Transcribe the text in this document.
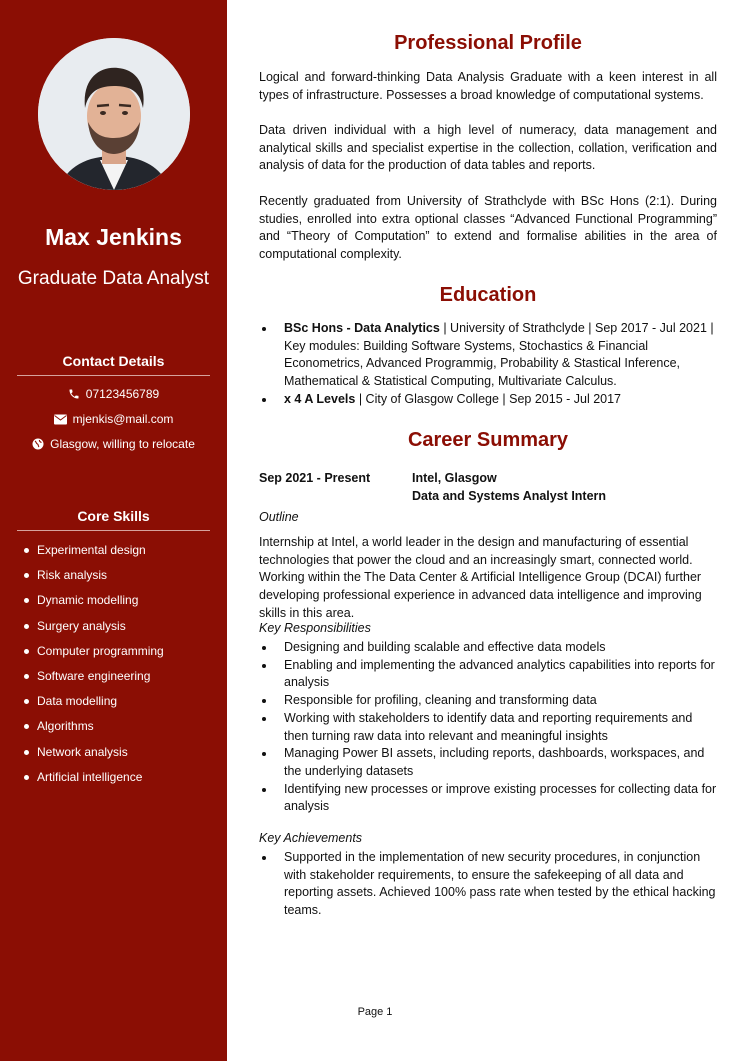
Max Jenkins
Graduate Data Analyst
Contact Details
07123456789
mjenkis@mail.com
Glasgow, willing to relocate
Core Skills
Experimental design
Risk analysis
Dynamic modelling
Surgery analysis
Computer programming
Software engineering
Data modelling
Algorithms
Network analysis
Artificial intelligence
Professional Profile

Logical and forward-thinking Data Analysis Graduate with a keen interest in all types of infrastructure. Possesses a broad knowledge of computational systems.

Data driven individual with a high level of numeracy, data management and analytical skills and specialist expertise in the collection, collation, verification and analysis of data for the production of data tables and reports.

Recently graduated from University of Strathclyde with BSc Hons (2:1). During studies, enrolled into extra optional classes “Advanced Functional Programming” and “Theory of Computation” to extend and formalise abilities in the area of computational complexity.

Education
BSc Hons - Data Analytics | University of Strathclyde | Sep 2017 - Jul 2021 | Key modules: Building Software Systems, Stochastics & Financial Econometrics, Advanced Programmig, Probability & Stastical Inference, Mathematical & Statistical Computing, Multivariate Calculus.
x 4 A Levels | City of Glasgow College | Sep 2015 - Jul 2017
Career Summary
Sep 2021 - Present	Intel, Glasgow
Data and Systems Analyst Intern
Outline

Internship at Intel, a world leader in the design and manufacturing of essential technologies that power the cloud and an increasingly smart, connected world. Working within the The Data Center & Artificial Intelligence Group (DCAI) further developing professional experience in advanced data intelligence and improving skills in this area.

Key Responsibilities
Designing and building scalable and effective data models
Enabling and implementing the advanced analytics capabilities into reports for analysis
Responsible for profiling, cleaning and transforming data
Working with stakeholders to identify data and reporting requirements and then turning raw data into relevant and meaningful insights
Managing Power BI assets, including reports, dashboards, workspaces, and the underlying datasets
Identifying new processes or improve existing processes for collecting data for analysis
Key Achievements
Supported in the implementation of new security procedures, in conjunction with stakeholder requirements, to ensure the safekeeping of all data and reporting assets. Achieved 100% pass rate when tested by the ethical hacking teams.
Page 1
